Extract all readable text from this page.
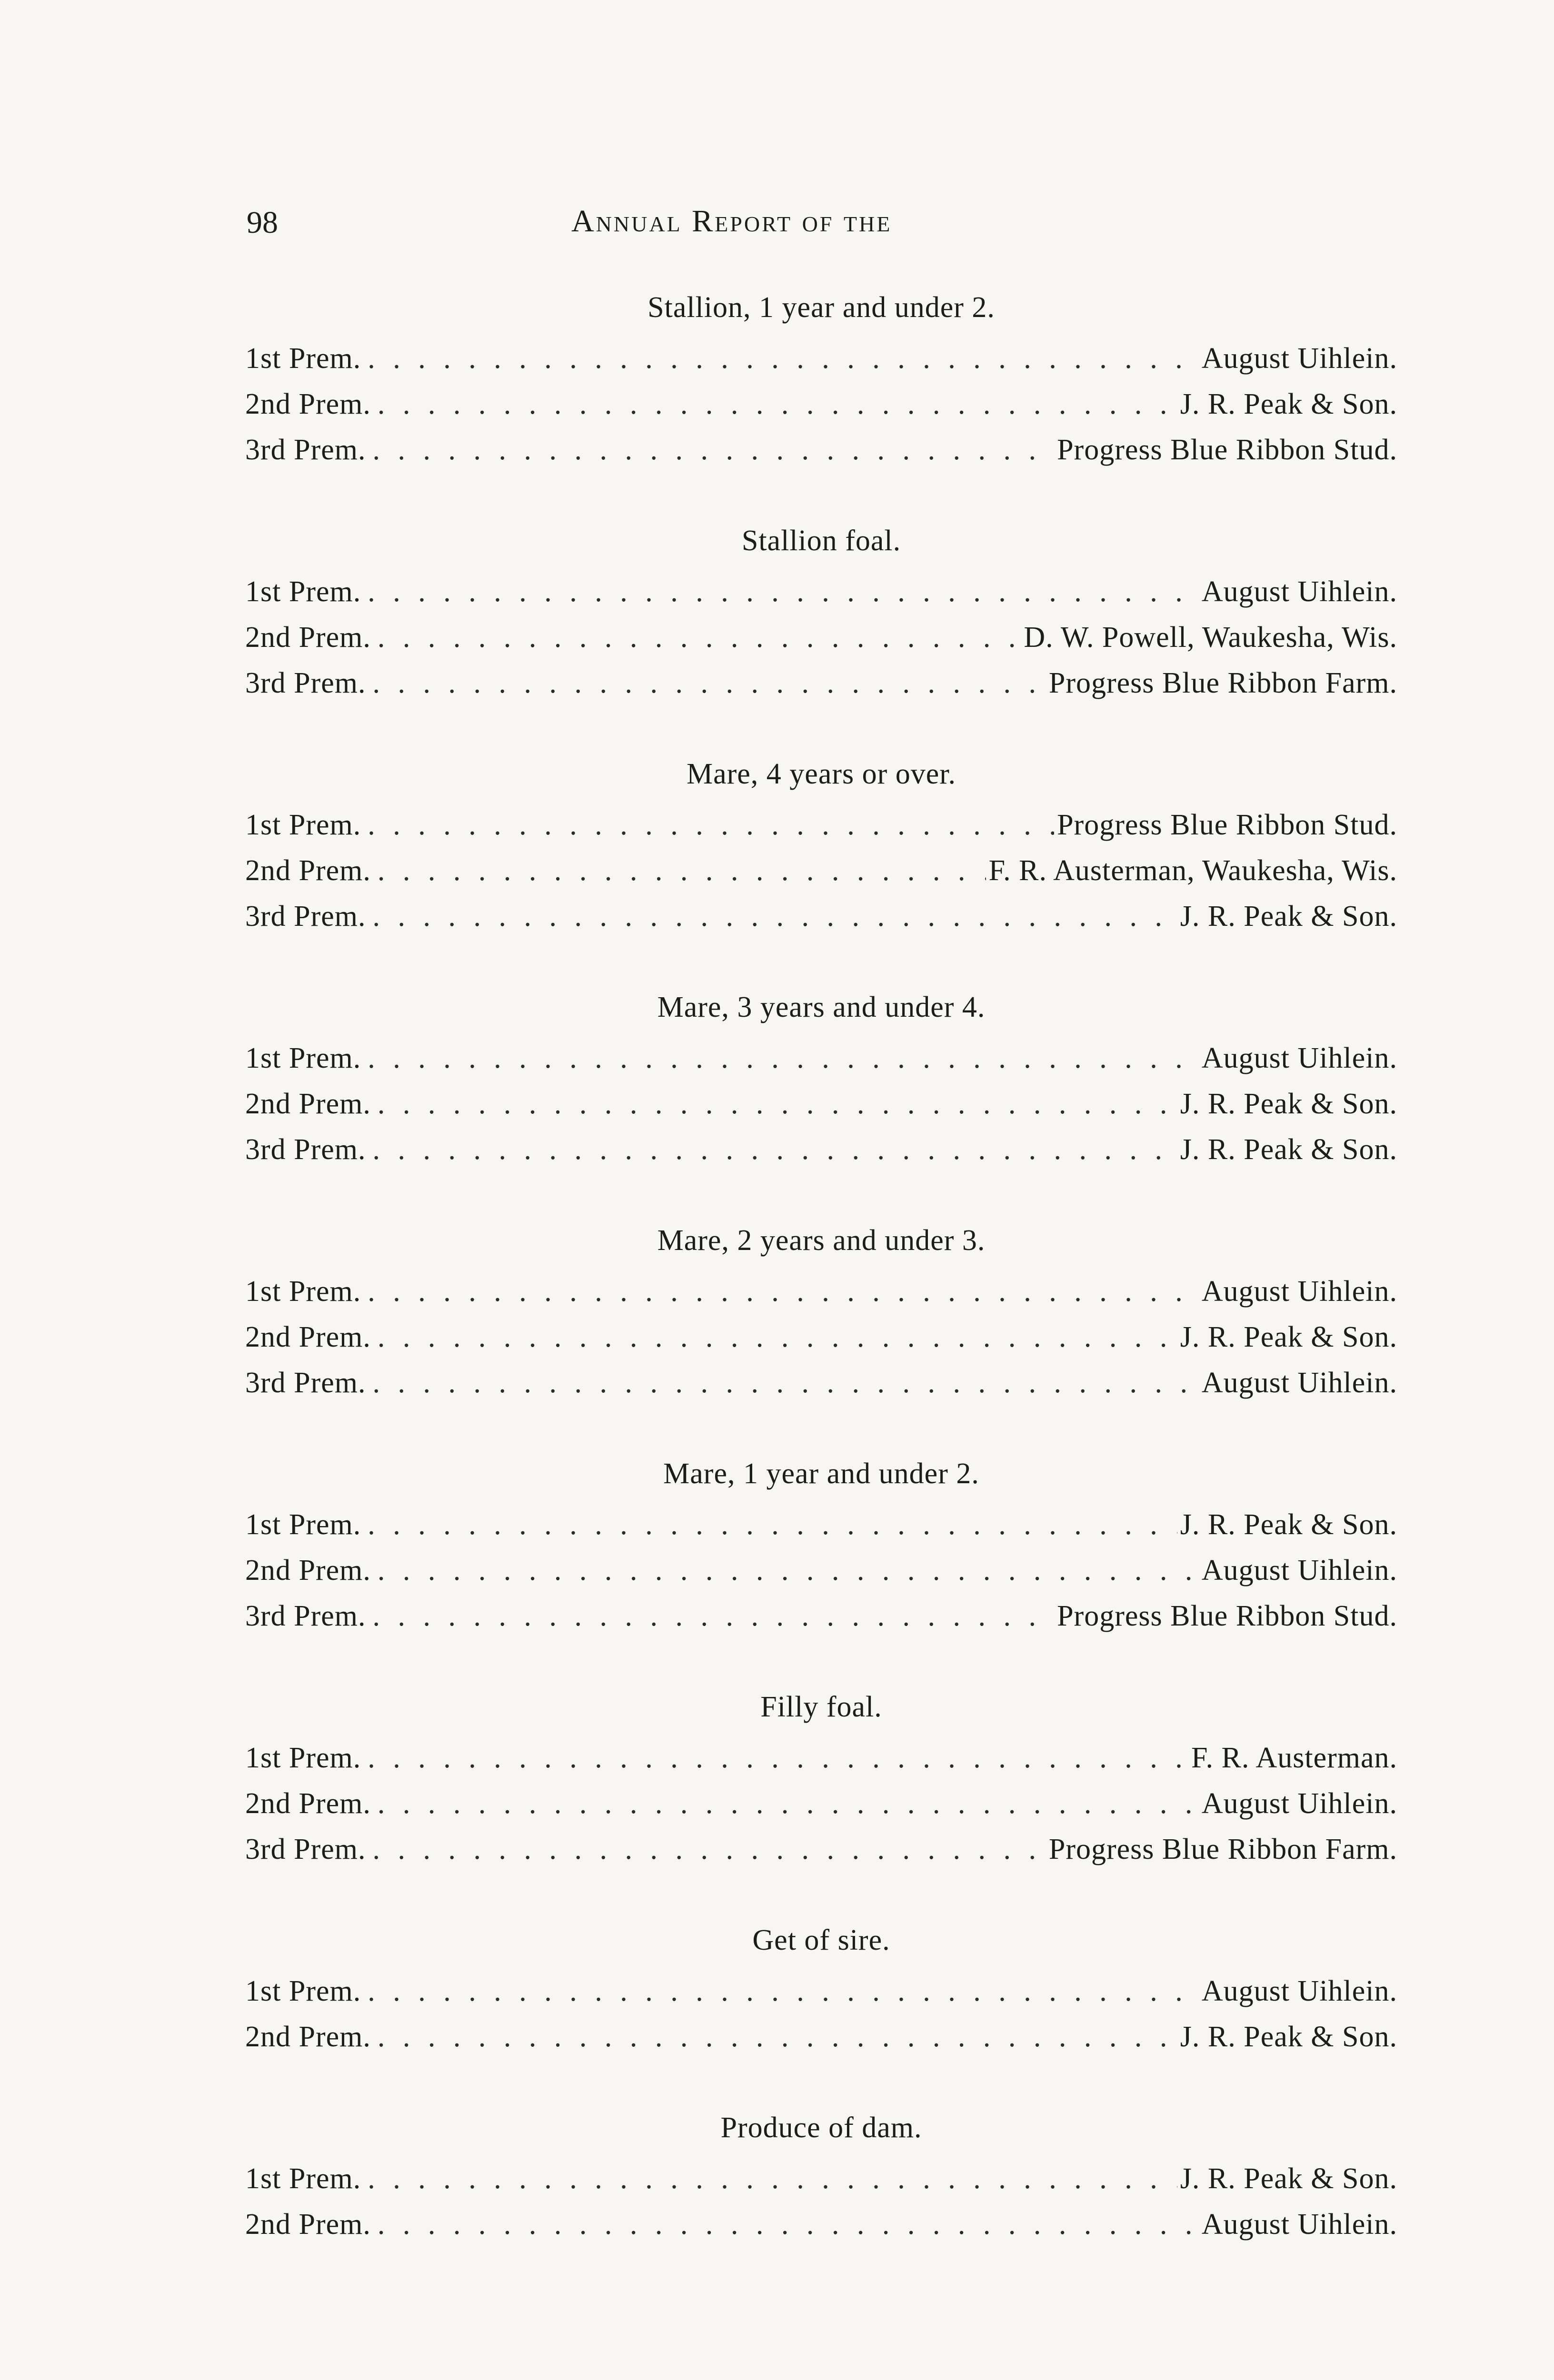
98	Annual Report of the
Stallion, 1 year and under 2.
1st Prem. . . .	August Uihlein.
2nd Prem. . . .	J. R. Peak & Son.
3rd Prem. . . .	Progress Blue Ribbon Stud.
Stallion foal.
1st Prem. . . .	August Uihlein.
2nd Prem. . . .	D. W. Powell, Waukesha, Wis.
3rd Prem. . . .	Progress Blue Ribbon Farm.
Mare, 4 years or over.
1st Prem. . . .	Progress Blue Ribbon Stud.
2nd Prem. . . .	F. R. Austerman, Waukesha, Wis.
3rd Prem. . . .	J. R. Peak & Son.
Mare, 3 years and under 4.
1st Prem. . . .	August Uihlein.
2nd Prem. . . .	J. R. Peak & Son.
3rd Prem. . . .	J. R. Peak & Son.
Mare, 2 years and under 3.
1st Prem. . . .	August Uihlein.
2nd Prem. . . .	J. R. Peak & Son.
3rd Prem. . . .	August Uihlein.
Mare, 1 year and under 2.
1st Prem. . . .	J. R. Peak & Son.
2nd Prem. . . .	August Uihlein.
3rd Prem. . . .	Progress Blue Ribbon Stud.
Filly foal.
1st Prem. . . .	F. R. Austerman.
2nd Prem. . . .	August Uihlein.
3rd Prem. . . .	Progress Blue Ribbon Farm.
Get of sire.
1st Prem. . . .	August Uihlein.
2nd Prem. . . .	J. R. Peak & Son.
Produce of dam.
1st Prem. . . .	J. R. Peak & Son.
2nd Prem. . . .	August Uihlein.
